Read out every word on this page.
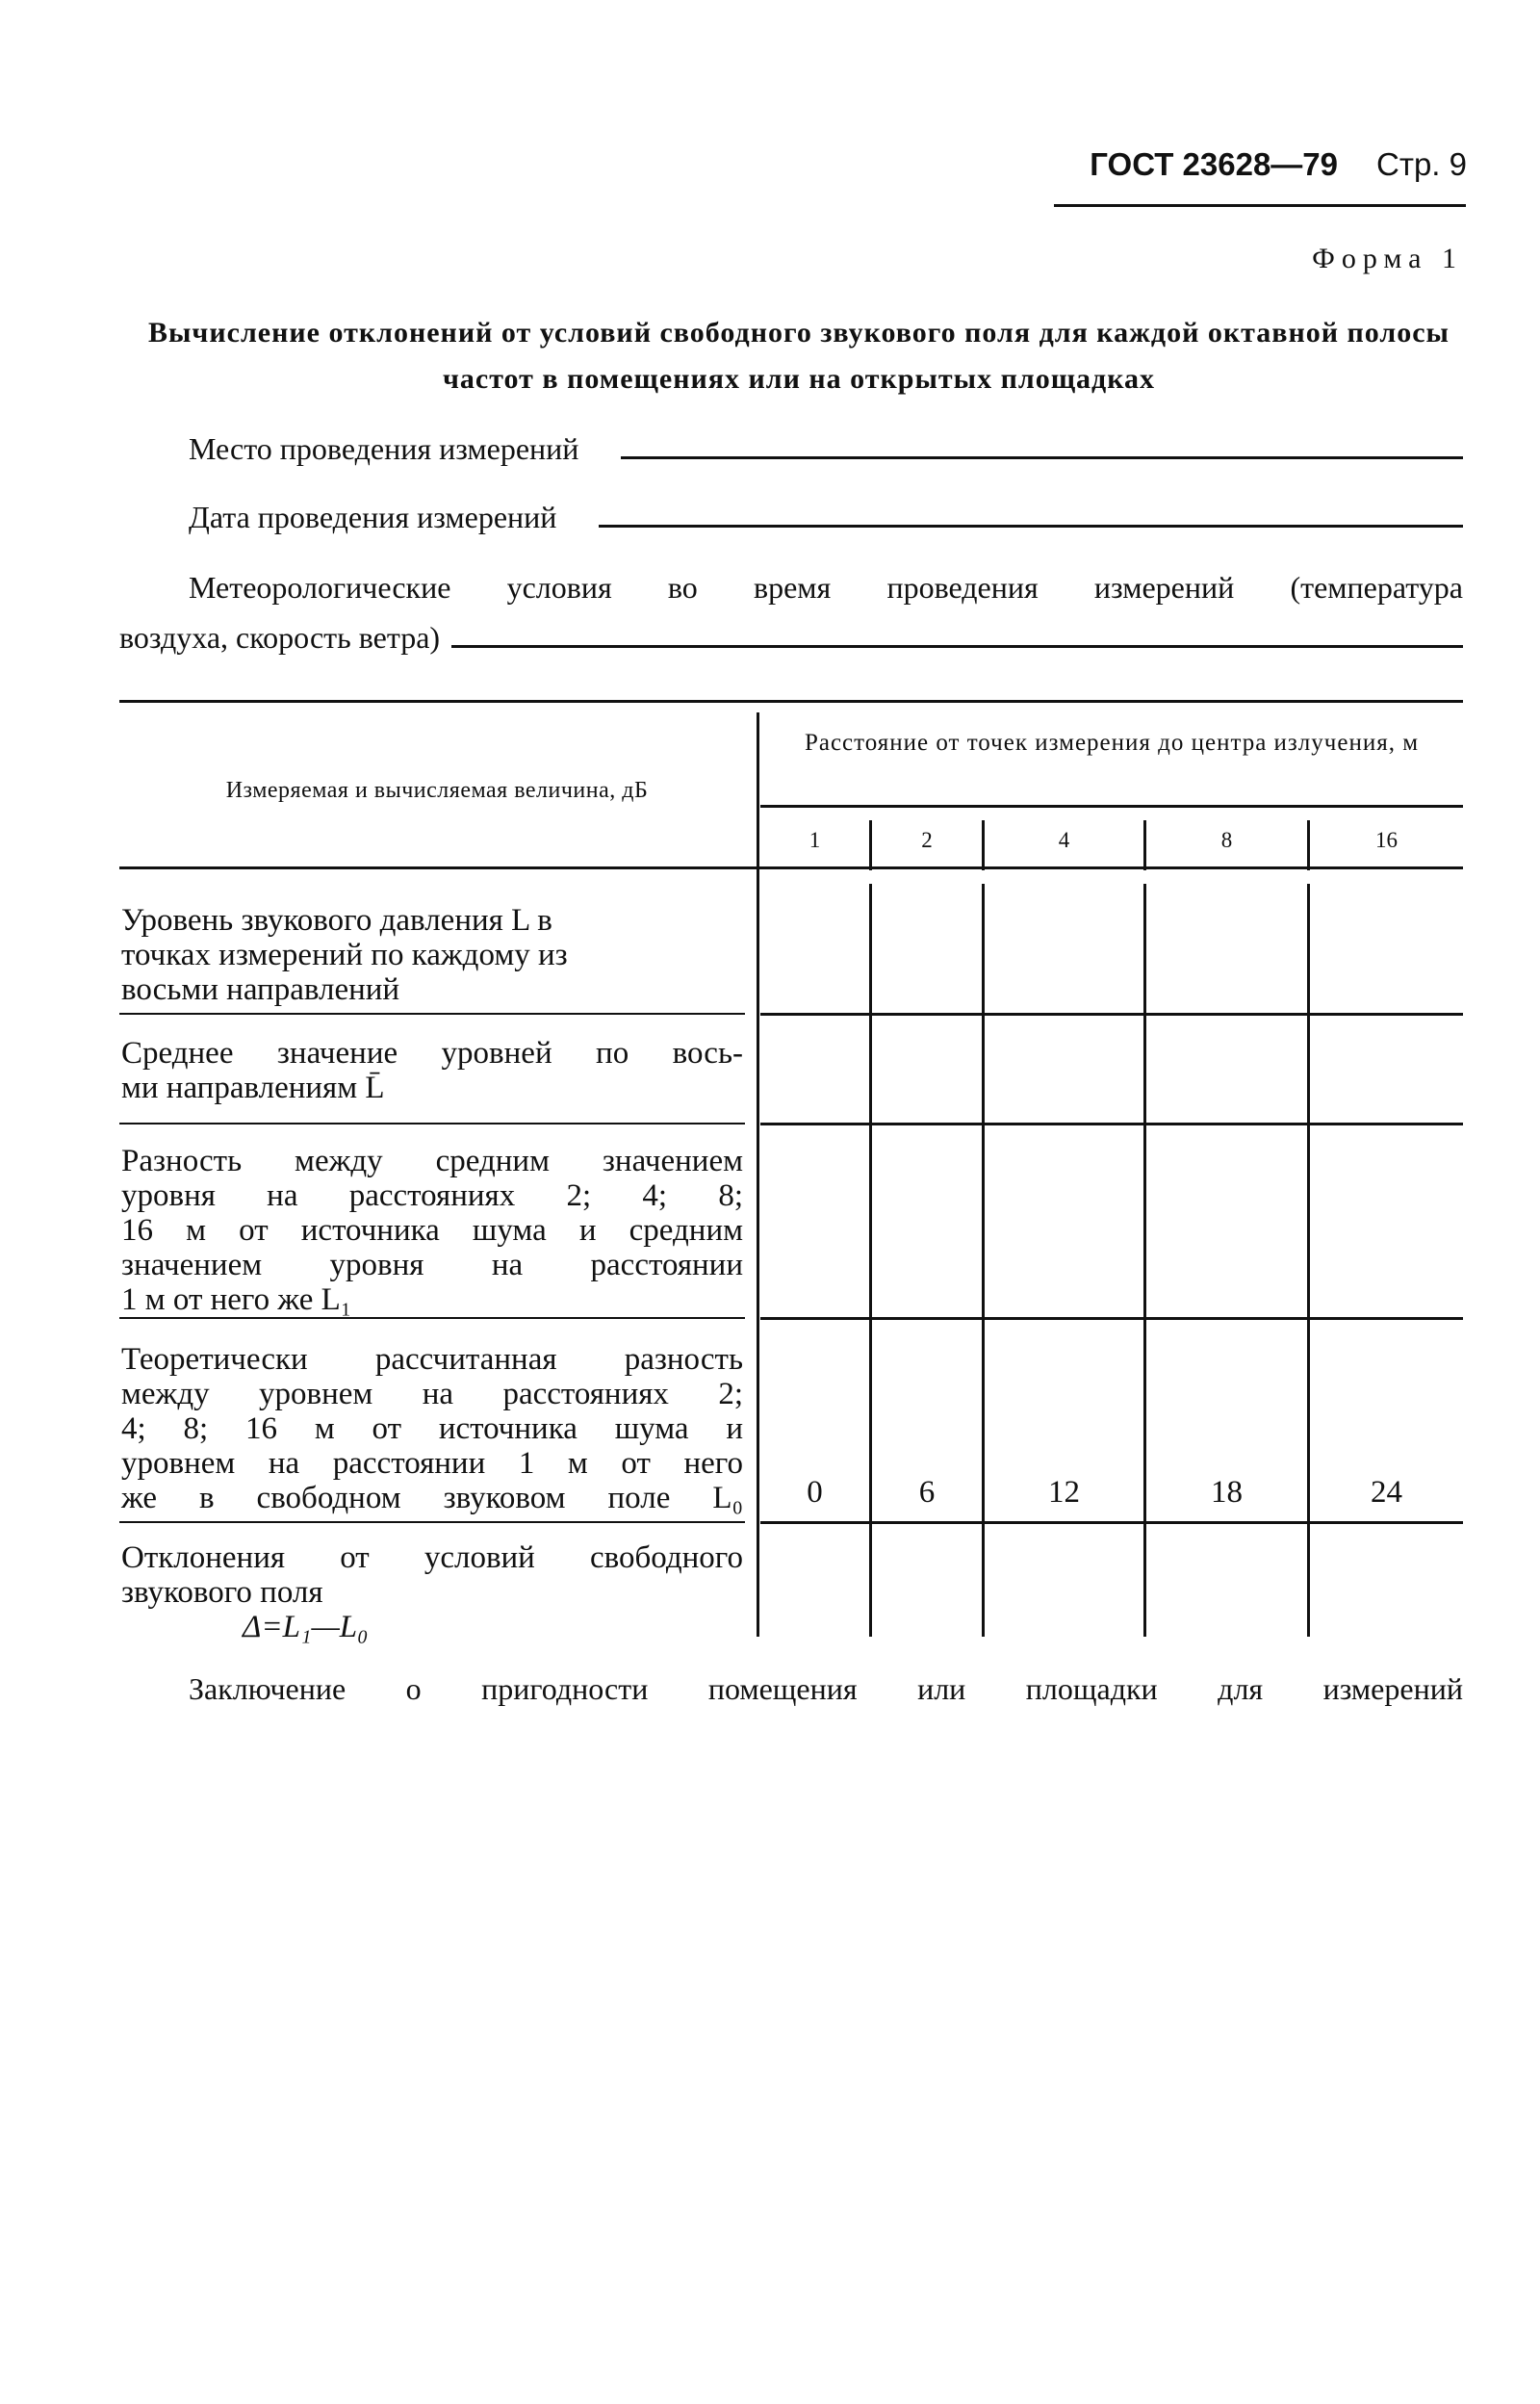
ГОСТ 23628—79 Стр. 9
Форма 1
Вычисление отклонений от условий свободного звукового поля для каждой октавной полосы частот в помещениях или на открытых площадках
Место проведения измерений
Дата проведения измерений
Метеорологические условия во время проведения измерений (температура
воздуха, скорость ветра)
Измеряемая и вычисляемая величина, дБ
Расстояние от точек измерения до центра излучения, м
1	2	4	8	16
Уровень звукового давления L в
точках измерений по каждому из
восьми направлений
Среднее значение уровней по вось-
ми направлениям L̄
Разность между средним значением
уровня на расстояниях 2; 4; 8;
16 м от источника шума и средним
значением уровня на расстоянии
1 м от него же L₁
Теоретически рассчитанная разность
между уровнем на расстояниях 2;
4; 8; 16 м от источника шума и
уровнем на расстоянии 1 м от него
же в свободном звуковом поле L₀	0	6	12	18	24
Отклонения от условий свободного
звукового поля
Δ=L₁—L₀
Заключение о пригодности помещения или площадки для измерений
